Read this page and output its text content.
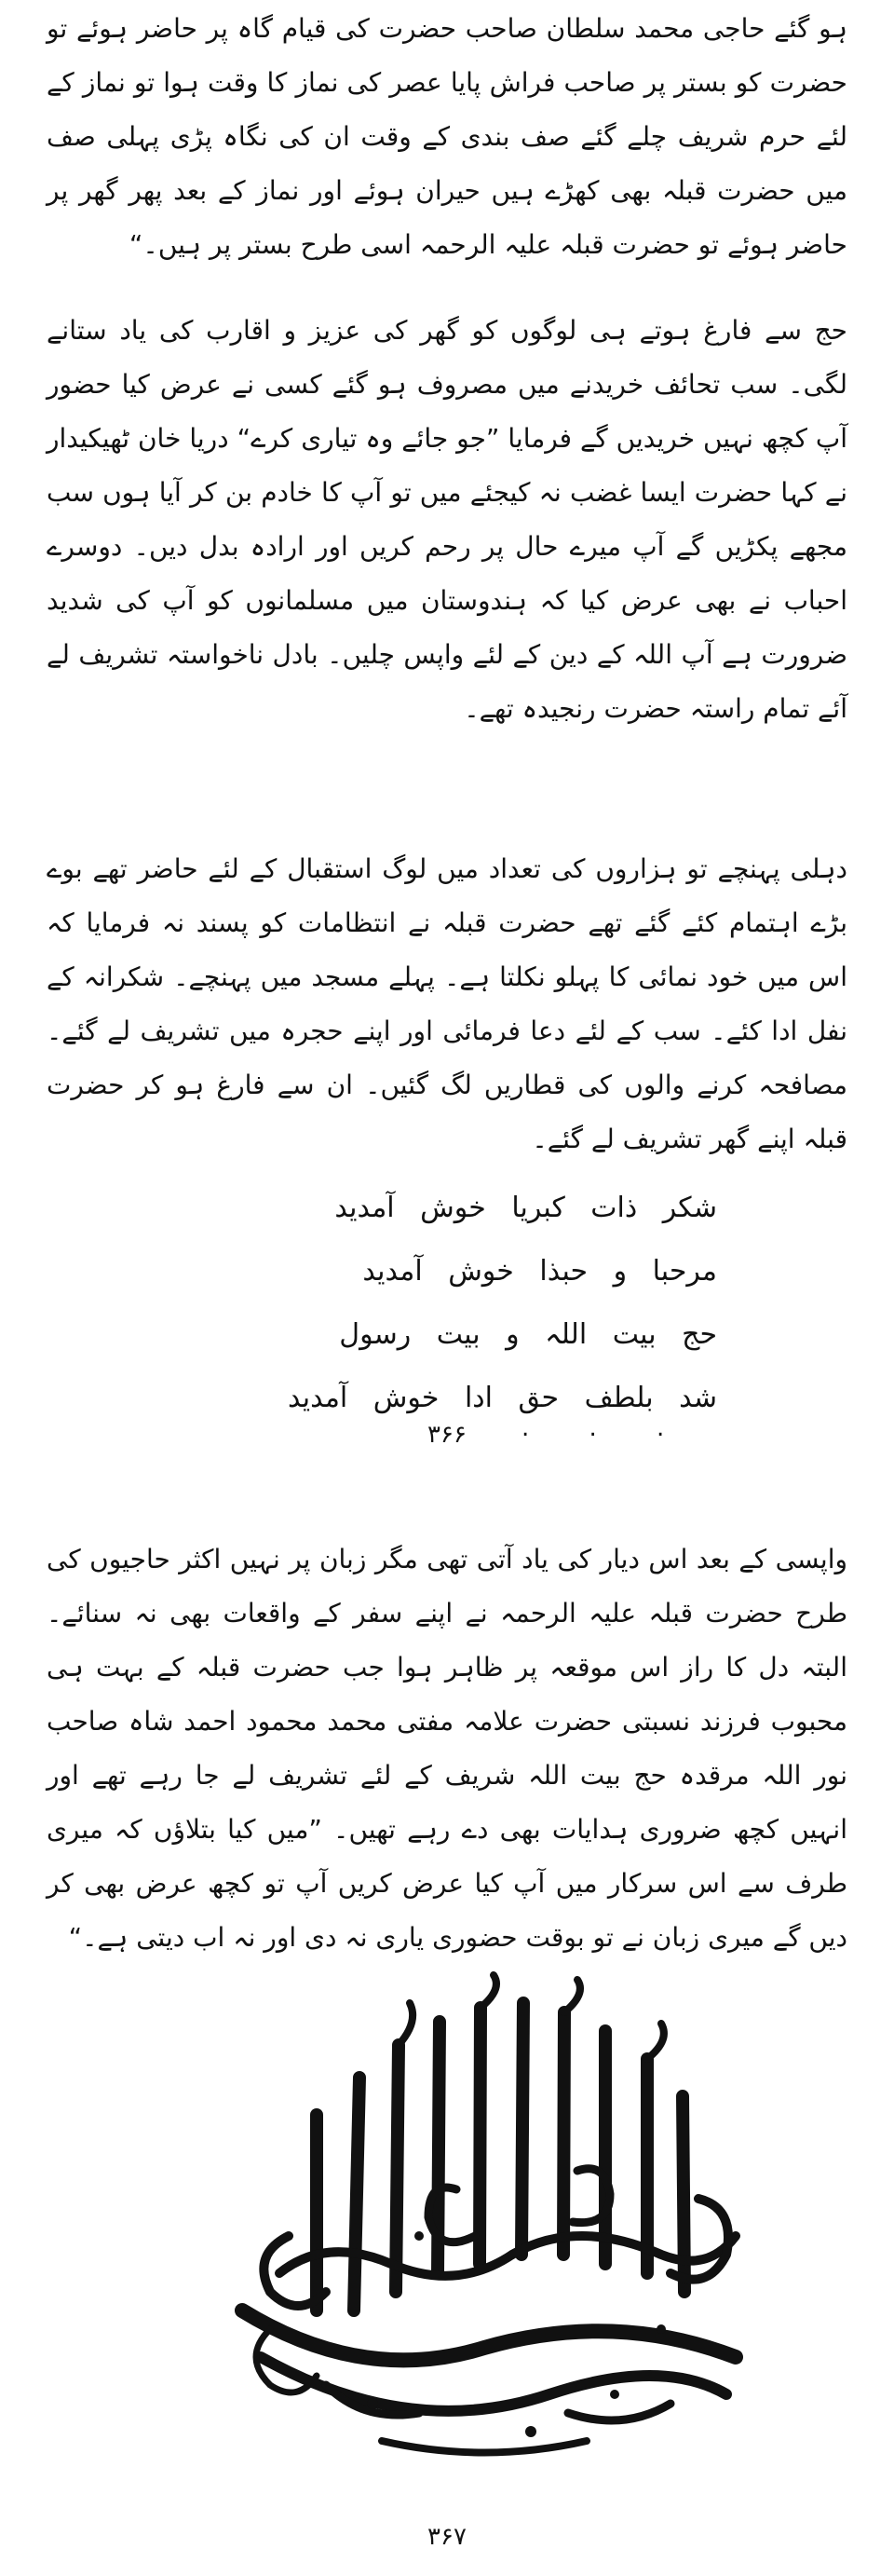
ہو گئے حاجی محمد سلطان صاحب حضرت کی قیام گاہ پر حاضر ہوئے تو حضرت کو بستر پر صاحب فراش پایا عصر کی نماز کا وقت ہوا تو نماز کے لئے حرم شریف چلے گئے صف بندی کے وقت ان کی نگاہ پڑی پہلی صف میں حضرت قبلہ بھی کھڑے ہیں حیران ہوئے اور نماز کے بعد پھر گھر پر حاضر ہوئے تو حضرت قبلہ علیہ الرحمہ اسی طرح بستر پر ہیں۔“

حج سے فارغ ہوتے ہی لوگوں کو گھر کی عزیز و اقارب کی یاد ستانے لگی۔ سب تحائف خریدنے میں مصروف ہو گئے کسی نے عرض کیا حضور آپ کچھ نہیں خریدیں گے فرمایا ”جو جائے وہ تیاری کرے“ دریا خان ٹھیکیدار نے کہا حضرت ایسا غضب نہ کیجئے میں تو آپ کا خادم بن کر آیا ہوں سب مجھے پکڑیں گے آپ میرے حال پر رحم کریں اور ارادہ بدل دیں۔ دوسرے احباب نے بھی عرض کیا کہ ہندوستان میں مسلمانوں کو آپ کی شدید ضرورت ہے آپ اللہ کے دین کے لئے واپس چلیں۔ بادل ناخواستہ تشریف لے آئے تمام راستہ حضرت رنجیدہ تھے۔

دہلی پہنچے تو ہزاروں کی تعداد میں لوگ استقبال کے لئے حاضر تھے بوے بڑے اہتمام کئے گئے تھے حضرت قبلہ نے انتظامات کو پسند نہ فرمایا کہ اس میں خود نمائی کا پہلو نکلتا ہے۔ پہلے مسجد میں پہنچے۔ شکرانہ کے نفل ادا کئے۔ سب کے لئے دعا فرمائی اور اپنے حجرہ میں تشریف لے گئے۔ مصافحہ کرنے والوں کی قطاریں لگ گئیں۔ ان سے فارغ ہو کر حضرت قبلہ اپنے گھر تشریف لے گئے۔

شکر ذات کبریا خوش آمدید
مرحبا و حبذا خوش آمدید
حج بیت اللہ و بیت رسول
شد بلطف حق ادا خوش آمدید
۳۶۶	. . .

واپسی کے بعد اس دیار کی یاد آتی تھی مگر زبان پر نہیں اکثر حاجیوں کی طرح حضرت قبلہ علیہ الرحمہ نے اپنے سفر کے واقعات بھی نہ سنائے۔ البتہ دل کا راز اس موقعہ پر ظاہر ہوا جب حضرت قبلہ کے بہت ہی محبوب فرزند نسبتی حضرت علامہ مفتی محمد محمود احمد شاہ صاحب نور اللہ مرقدہ حج بیت اللہ شریف کے لئے تشریف لے جا رہے تھے اور انہیں کچھ ضروری ہدایات بھی دے رہے تھیں۔ ”میں کیا بتلاؤں کہ میری طرف سے اس سرکار میں آپ کیا عرض کریں آپ تو کچھ عرض بھی کر دیں گے میری زبان نے تو بوقت حضوری یاری نہ دی اور نہ اب دیتی ہے۔“

۳۶۷
